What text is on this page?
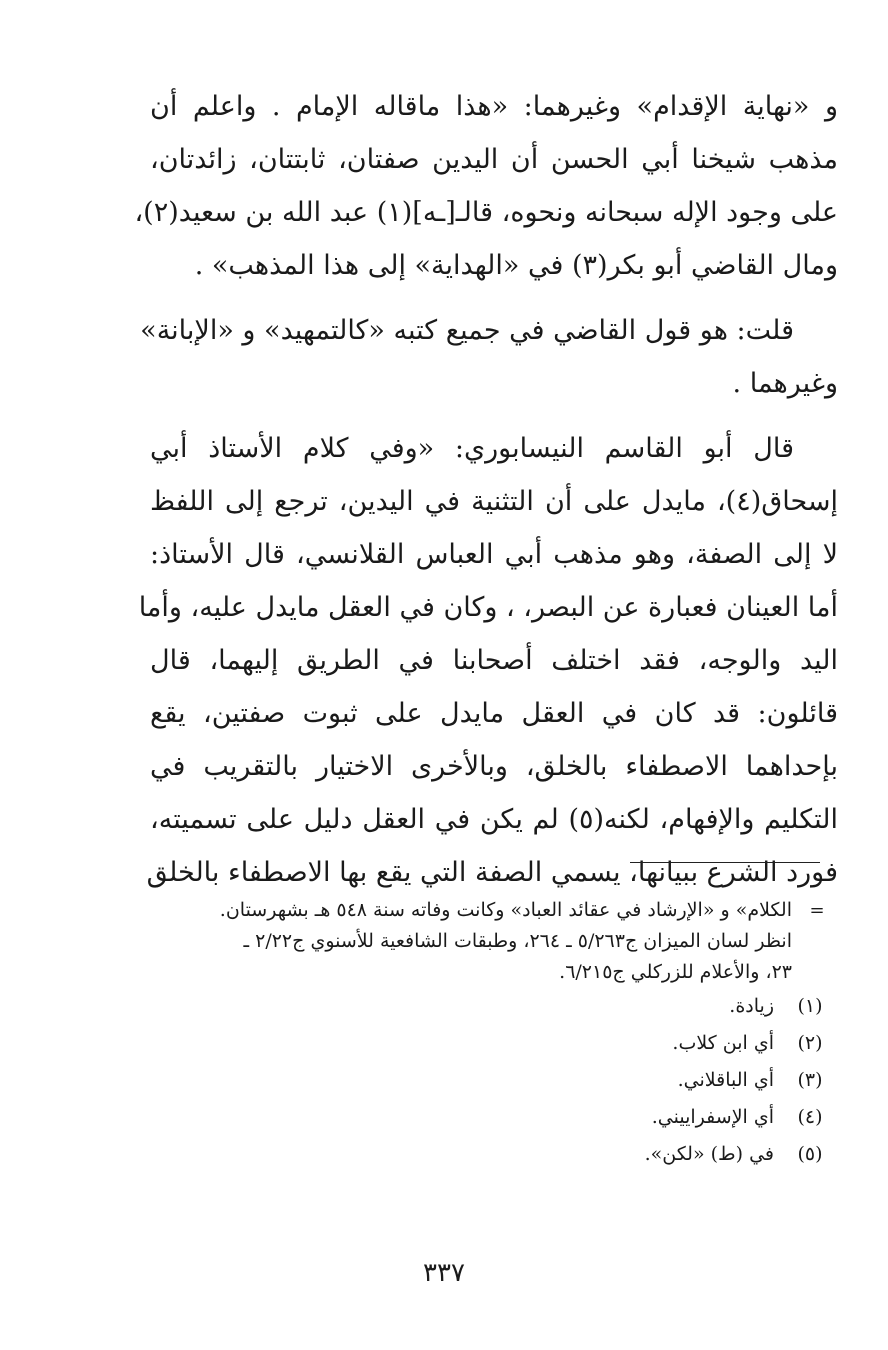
و «نهاية الإقدام» وغيرهما: «هذا ماقاله الإمام . واعلم أن
مذهب شيخنا أبي الحسن أن اليدين صفتان، ثابتتان، زائدتان،
على وجود الإله سبحانه ونحوه، قالـ[ـه](١) عبد الله بن سعيد(٢)،
ومال القاضي أبو بكر(٣) في «الهداية» إلى هذا المذهب» .
قلت: هو قول القاضي في جميع كتبه «كالتمهيد» و «الإبانة»
وغيرهما .
قال أبو القاسم النيسابوري: «وفي كلام الأستاذ أبي
إسحاق(٤)، مايدل على أن التثنية في اليدين، ترجع إلى اللفظ
لا إلى الصفة، وهو مذهب أبي العباس القلانسي، قال الأستاذ:
أما العينان فعبارة عن البصر، ، وكان في العقل مايدل عليه، وأما
اليد والوجه، فقد اختلف أصحابنا في الطريق إليهما، قال
قائلون: قد كان في العقل مايدل على ثبوت صفتين، يقع
بإحداهما الاصطفاء بالخلق، وبالأخرى الاختيار بالتقريب في
التكليم والإفهام، لكنه(٥) لم يكن في العقل دليل على تسميته،
فورد الشرع ببيانها، يسمي الصفة التي يقع بها الاصطفاء بالخلق
=
الكلام» و «الإرشاد في عقائد العباد» وكانت وفاته سنة ٥٤٨ هـ بشهرستان.
انظر لسان الميزان ج٥/٢٦٣ ـ ٢٦٤، وطبقات الشافعية للأسنوي ج٢/٢٢ ـ
٢٣، والأعلام للزركلي ج٦/٢١٥.
(١)
زيادة.
(٢)
أي ابن كلاب.
(٣)
أي الباقلاني.
(٤)
أي الإسفراييني.
(٥)
في (ط) «لكن».
٣٣٧
